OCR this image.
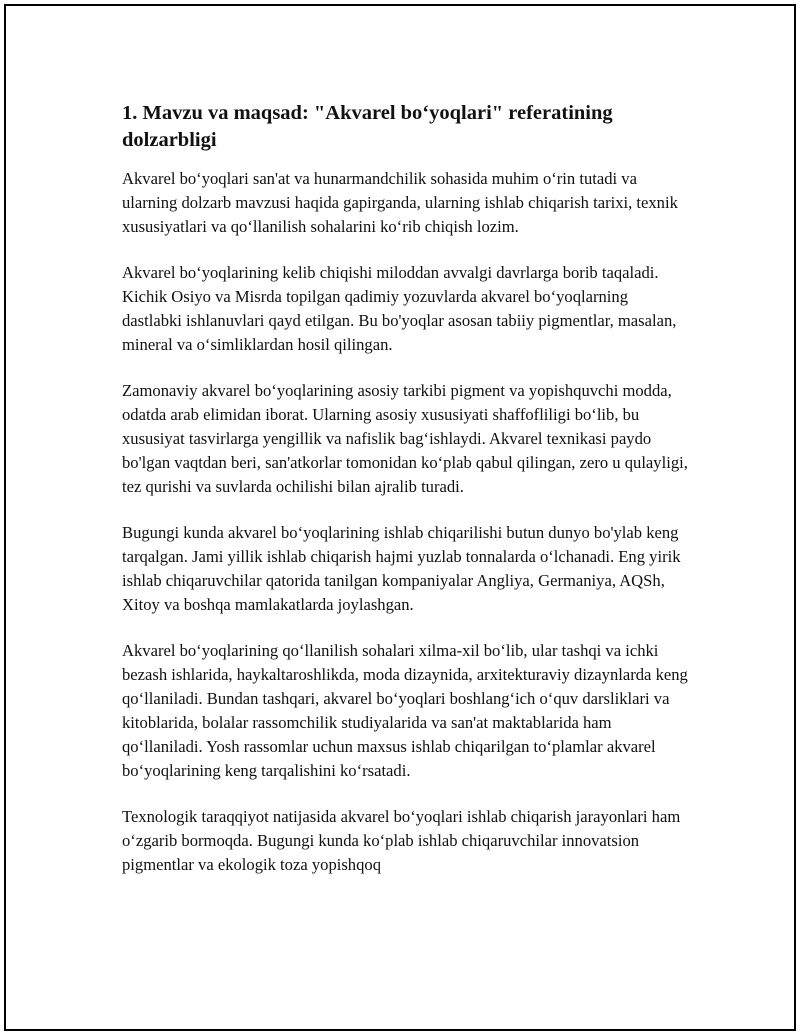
1. Mavzu va maqsad: "Akvarel bo‘yoqlari" referatining dolzarbligi

Akvarel bo‘yoqlari san'at va hunarmandchilik sohasida muhim o‘rin tutadi va ularning dolzarb mavzusi haqida gapirganda, ularning ishlab chiqarish tarixi, texnik xususiyatlari va qo‘llanilish sohalarini ko‘rib chiqish lozim.

Akvarel bo‘yoqlarining kelib chiqishi miloddan avvalgi davrlarga borib taqaladi. Kichik Osiyo va Misrda topilgan qadimiy yozuvlarda akvarel bo‘yoqlarning dastlabki ishlanuvlari qayd etilgan. Bu bo'yoqlar asosan tabiiy pigmentlar, masalan, mineral va o‘simliklardan hosil qilingan.

Zamonaviy akvarel bo‘yoqlarining asosiy tarkibi pigment va yopishquvchi modda, odatda arab elimidan iborat. Ularning asosiy xususiyati shaffofliligi bo‘lib, bu xususiyat tasvirlarga yengillik va nafislik bag‘ishlaydi. Akvarel texnikasi paydo bo'lgan vaqtdan beri, san'atkorlar tomonidan ko‘plab qabul qilingan, zero u qulayligi, tez qurishi va suvlarda ochilishi bilan ajralib turadi.

Bugungi kunda akvarel bo‘yoqlarining ishlab chiqarilishi butun dunyo bo'ylab keng tarqalgan. Jami yillik ishlab chiqarish hajmi yuzlab tonnalarda o‘lchanadi. Eng yirik ishlab chiqaruvchilar qatorida tanilgan kompaniyalar Angliya, Germaniya, AQSh, Xitoy va boshqa mamlakatlarda joylashgan.

Akvarel bo‘yoqlarining qo‘llanilish sohalari xilma-xil bo‘lib, ular tashqi va ichki bezash ishlarida, haykaltaroshlikda, moda dizaynida, arxitekturaviy dizaynlarda keng qo‘llaniladi. Bundan tashqari, akvarel bo‘yoqlari boshlang‘ich o‘quv darsliklari va kitoblarida, bolalar rassomchilik studiyalarida va san'at maktablarida ham qo‘llaniladi. Yosh rassomlar uchun maxsus ishlab chiqarilgan to‘plamlar akvarel bo‘yoqlarining keng tarqalishini ko‘rsatadi.

Texnologik taraqqiyot natijasida akvarel bo‘yoqlari ishlab chiqarish jarayonlari ham o‘zgarib bormoqda. Bugungi kunda ko‘plab ishlab chiqaruvchilar innovatsion pigmentlar va ekologik toza yopishqoq
